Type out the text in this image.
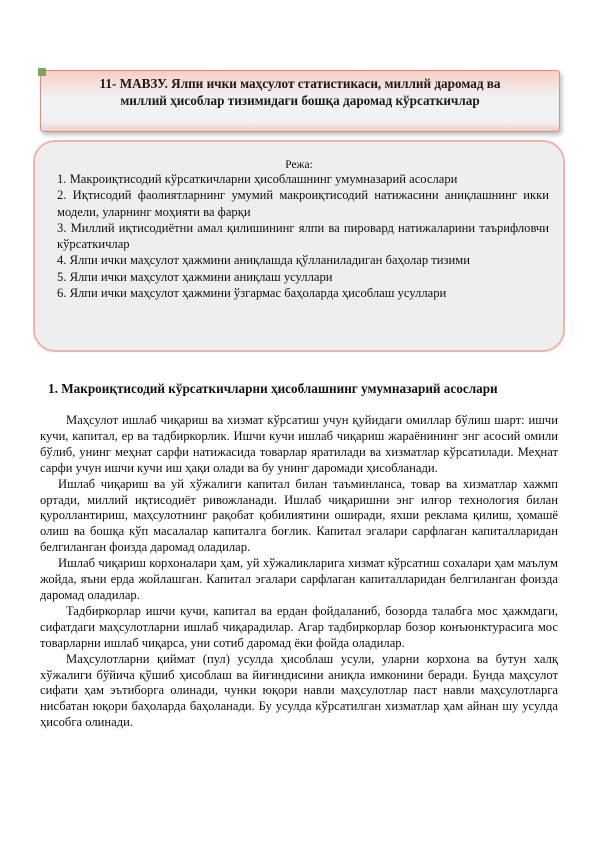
11- МАВЗУ. Ялпи ички маҳсулот статистикаси, миллий даромад ва
миллий ҳисоблар тизимидаги бошқа даромад кўрсаткичлар
Режа:
1. Макроиқтисодий кўрсаткичларни ҳисоблашнинг умумназарий асослари
2. Иқтисодий фаолиятларнинг умумий макроиқтисодий натижасини аниқлашнинг икки модели, уларнинг моҳияти ва фарқи
3. Миллий иқтисодиётни амал қилишининг ялпи ва пировард натижаларини таърифловчи кўрсаткичлар
4. Ялпи ички маҳсулот ҳажмини аниқлашда қўлланиладиган баҳолар тизими
5. Ялпи ички маҳсулот ҳажмини аниқлаш усуллари
6. Ялпи ички маҳсулот ҳажмини ўзгармас баҳоларда ҳисоблаш усуллари
1. Макроиқтисодий кўрсаткичларни ҳисоблашнинг умумназарий асослари

Маҳсулот ишлаб чиқариш ва хизмат кўрсатиш учун қуйидаги омиллар бўлиш шарт: ишчи кучи, капитал, ер ва тадбиркорлик. Ишчи кучи ишлаб чиқариш жараёнининг энг асосий омили бўлиб, унинг меҳнат сарфи натижасида товарлар яратилади ва хизматлар кўрсатилади. Меҳнат сарфи учун ишчи кучи иш ҳақи олади ва бу унинг даромади ҳисобланади.

Ишлаб чиқариш ва уй хўжалиги капитал билан таъминланса, товар ва хизматлар хажмп ортади, миллий иқтисодиёт ривожланади. Ишлаб чиқаришни энг илғор технология билан қуроллантириш, маҳсулотнинг рақобат қобилиятини оширади, яхши реклама қилиш, ҳомашё олиш ва бошқа кўп масалалар капиталга боғлик. Капитал эгалари сарфлаган капиталларидан белгиланган фоизда даромад оладилар.

Ишлаб чиқариш корхоналари ҳам, уй хўжаликларига хизмат кўрсатиш сохалари ҳам маълум жойда, яъни ерда жойлашган. Капитал эгалари сарфлаган капиталларидан белгиланган фоизда даромад оладилар.

Тадбиркорлар ишчи кучи, капитал ва ердан фойдаланиб, бозорда талабга мос ҳажмдаги, сифатдаги маҳсулотларни ишлаб чиқарадилар. Агар тадбиркорлар бозор конъюнктурасига мос товарларни ишлаб чиқарса, уни сотиб даромад ёки фойда оладилар.

Маҳсулотларни қиймат (пул) усулда ҳисоблаш усули, уларни корхона ва бутун халқ хўжалиги бўйича қўшиб ҳисоблаш ва йиғиндисини аниқла имконини беради. Бунда маҳсулот сифати ҳам эътиборга олинади, чунки юқори навли маҳсулотлар паст навли маҳсулотларга нисбатан юқори баҳоларда баҳоланади. Бу усулда кўрсатилган хизматлар ҳам айнан шу усулда ҳисобга олинади.
